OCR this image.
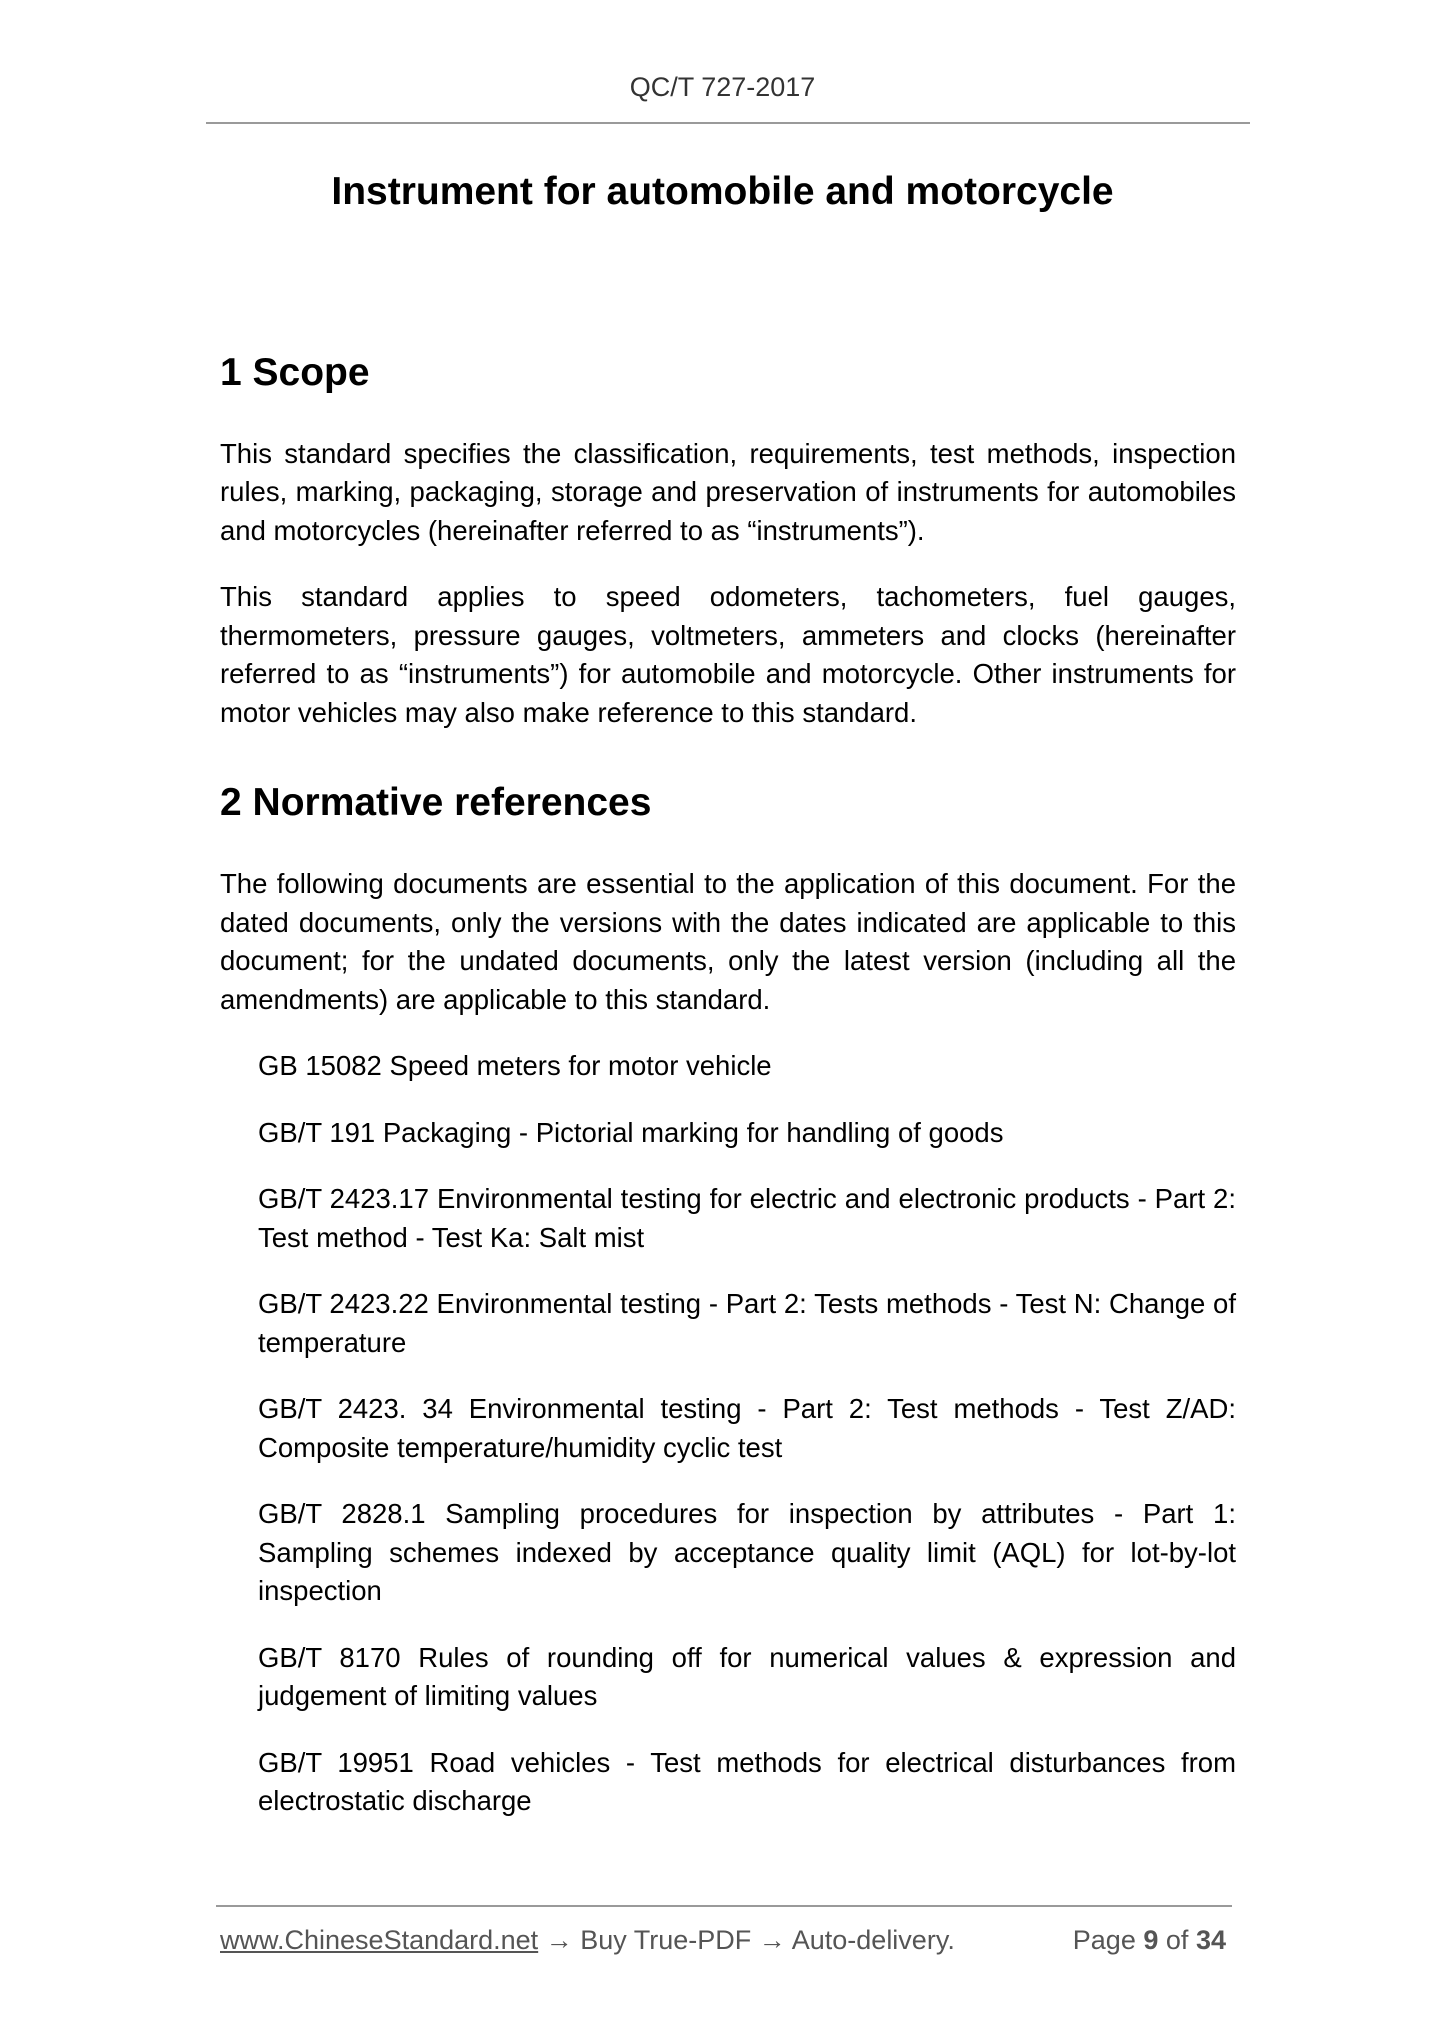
QC/T 727-2017
Instrument for automobile and motorcycle
1 Scope

This standard specifies the classification, requirements, test methods, inspection rules, marking, packaging, storage and preservation of instruments for automobiles and motorcycles (hereinafter referred to as “instruments”).

This standard applies to speed odometers, tachometers, fuel gauges, thermometers, pressure gauges, voltmeters, ammeters and clocks (hereinafter referred to as “instruments”) for automobile and motorcycle. Other instruments for motor vehicles may also make reference to this standard.

2 Normative references

The following documents are essential to the application of this document. For the dated documents, only the versions with the dates indicated are applicable to this document; for the undated documents, only the latest version (including all the amendments) are applicable to this standard.

GB 15082 Speed meters for motor vehicle
GB/T 191 Packaging - Pictorial marking for handling of goods
GB/T 2423.17 Environmental testing for electric and electronic products - Part 2: Test method - Test Ka: Salt mist
GB/T 2423.22 Environmental testing - Part 2: Tests methods - Test N: Change of temperature
GB/T 2423. 34 Environmental testing - Part 2: Test methods - Test Z/AD: Composite temperature/humidity cyclic test
GB/T 2828.1 Sampling procedures for inspection by attributes - Part 1: Sampling schemes indexed by acceptance quality limit (AQL) for lot-by-lot inspection
GB/T 8170 Rules of rounding off for numerical values & expression and judgement of limiting values
GB/T 19951 Road vehicles - Test methods for electrical disturbances from electrostatic discharge
www.ChineseStandard.net → Buy True-PDF → Auto-delivery.	Page 9 of 34
